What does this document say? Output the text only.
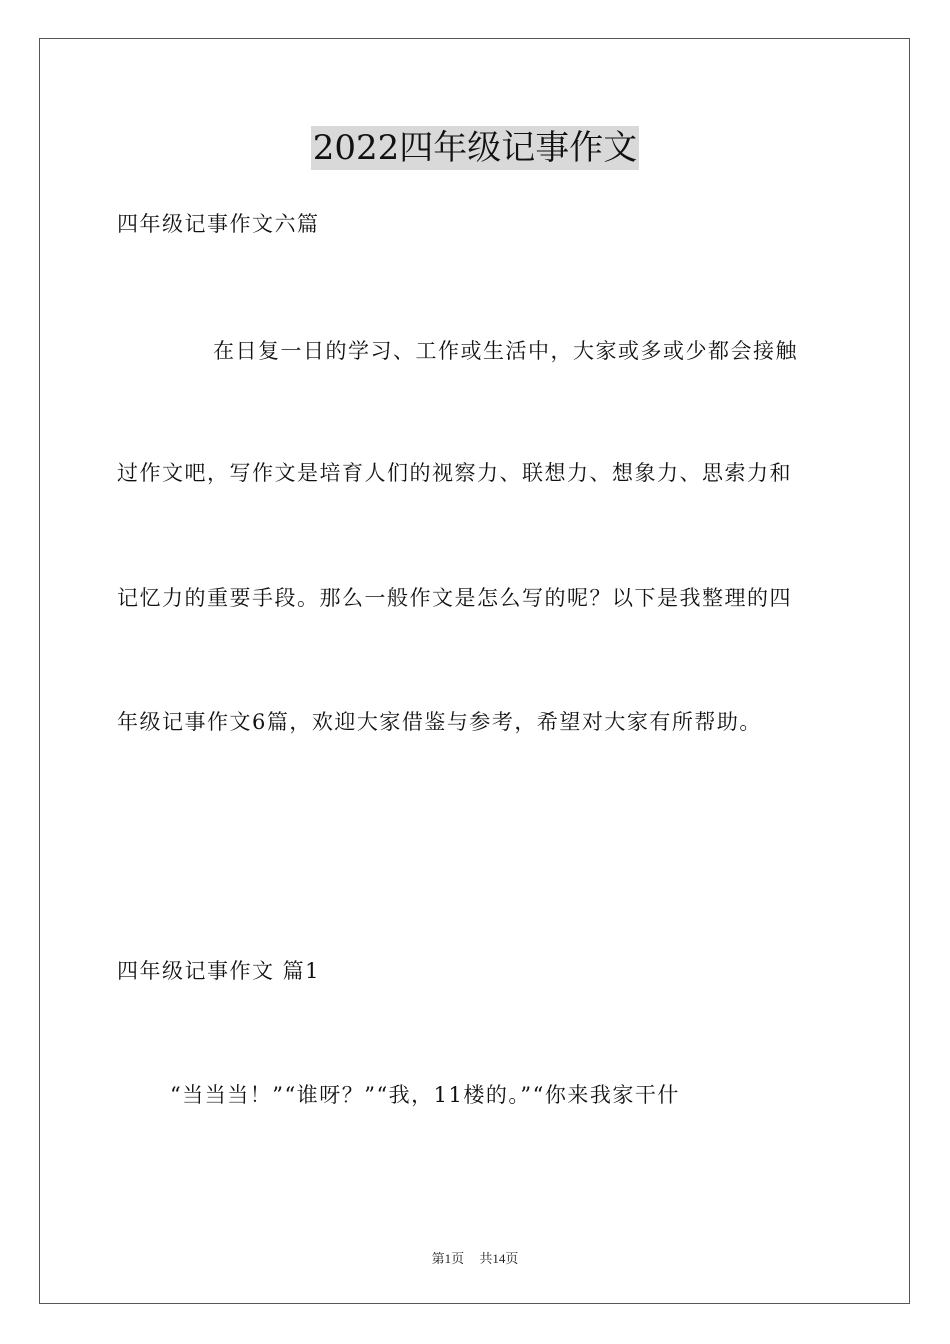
2022四年级记事作文
四年级记事作文六篇
在日复一日的学习、工作或生活中，大家或多或少都会接触
过作文吧，写作文是培育人们的视察力、联想力、想象力、思索力和
记忆力的重要手段。那么一般作文是怎么写的呢？以下是我整理的四
年级记事作文6篇，欢迎大家借鉴与参考，希望对大家有所帮助。
四年级记事作文 篇1
“当当当！”“谁呀？”“我，11楼的。”“你来我家干什
第1页 共14页
